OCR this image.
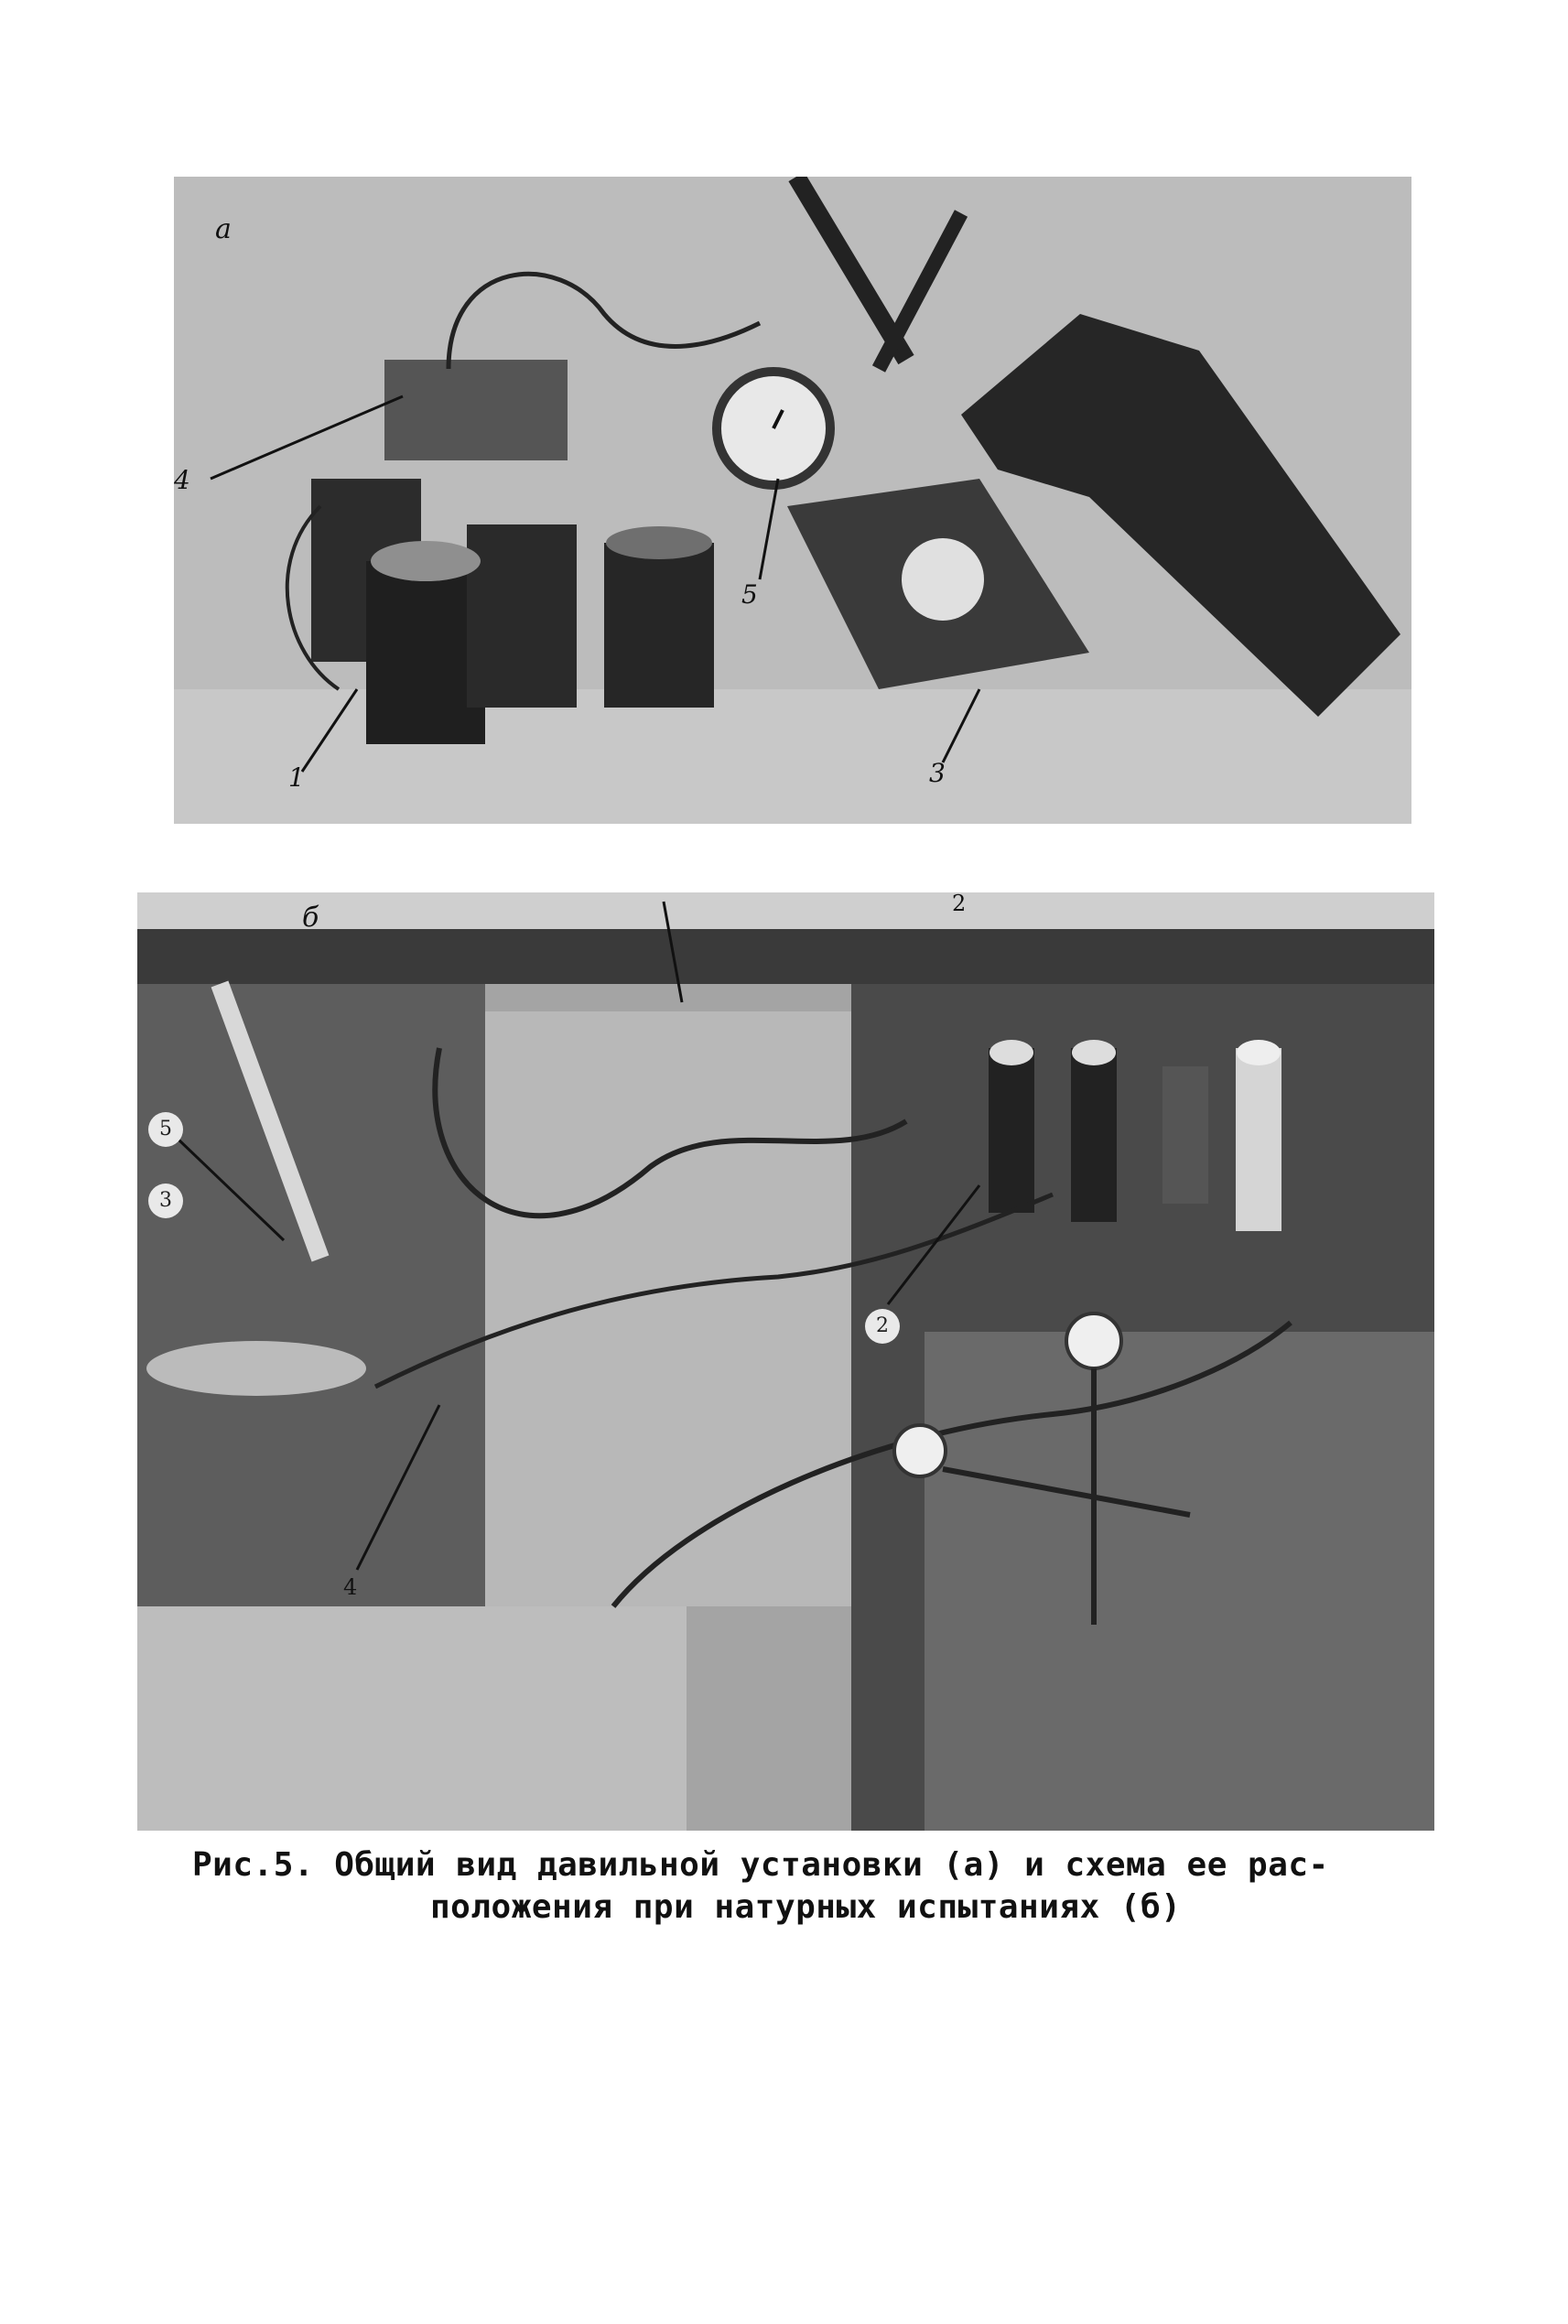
а
4
5
1	3
б	2
5
3
2
4
Рис.5. Общий вид давильной установки (а) и схема ее рас-
положения при натурных испытаниях (б)
